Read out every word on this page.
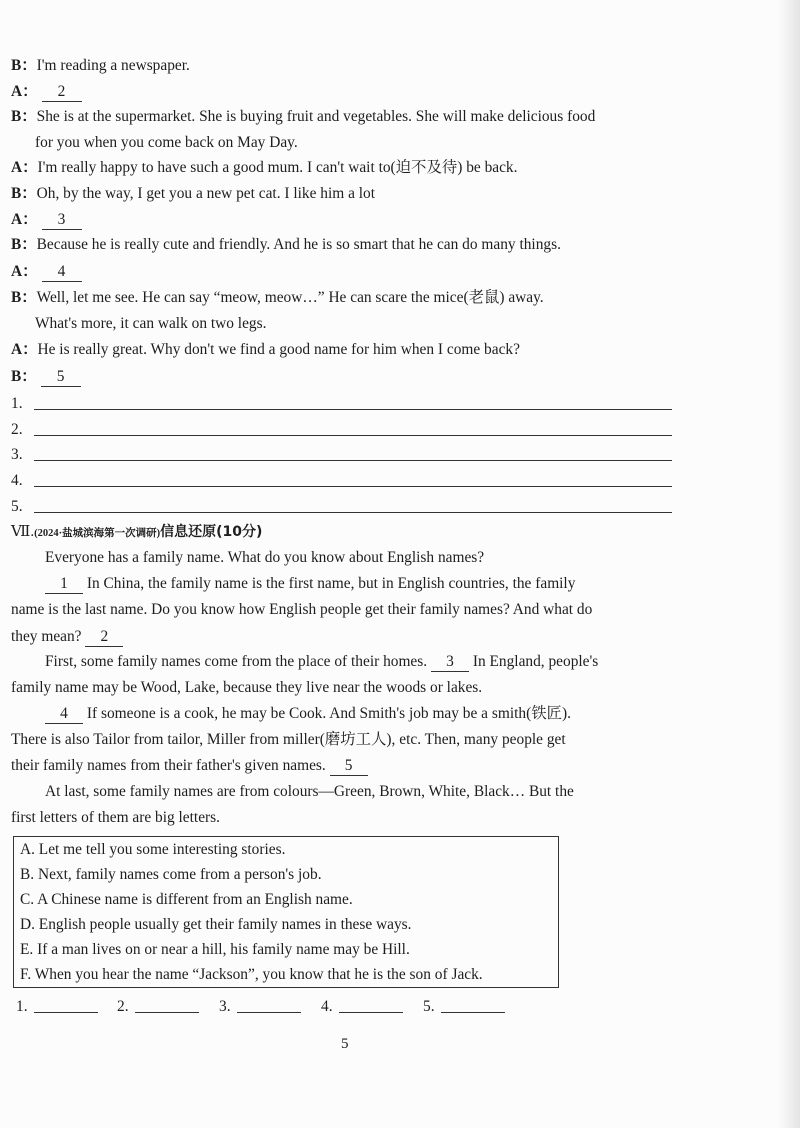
B：I'm reading a newspaper.
A： 2
B：She is at the supermarket. She is buying fruit and vegetables. She will make delicious food
for you when you come back on May Day.
A：I'm really happy to have such a good mum. I can't wait to(迫不及待) be back.
B：Oh, by the way, I get you a new pet cat. I like him a lot
A： 3
B：Because he is really cute and friendly. And he is so smart that he can do many things.
A： 4
B：Well, let me see. He can say “meow, meow…” He can scare the mice(老鼠) away.
What's more, it can walk on two legs.
A：He is really great. Why don't we find a good name for him when I come back?
B： 5
1.
2.
3.
4.
5.
Ⅶ.(2024·盐城滨海第一次调研)信息还原(10分)
Everyone has a family name. What do you know about English names?
1 In China, the family name is the first name, but in English countries, the family
name is the last name. Do you know how English people get their family names? And what do
they mean? 2
First, some family names come from the place of their homes. 3 In England, people's
family name may be Wood, Lake, because they live near the woods or lakes.
4 If someone is a cook, he may be Cook. And Smith's job may be a smith(铁匠).
There is also Tailor from tailor, Miller from miller(磨坊工人), etc. Then, many people get
their family names from their father's given names. 5
At last, some family names are from colours—Green, Brown, White, Black… But the
first letters of them are big letters.
A. Let me tell you some interesting stories.
B. Next, family names come from a person's job.
C. A Chinese name is different from an English name.
D. English people usually get their family names in these ways.
E. If a man lives on or near a hill, his family name may be Hill.
F. When you hear the name “Jackson”, you know that he is the son of Jack.
1.	2.	3.	4.	5.
5
